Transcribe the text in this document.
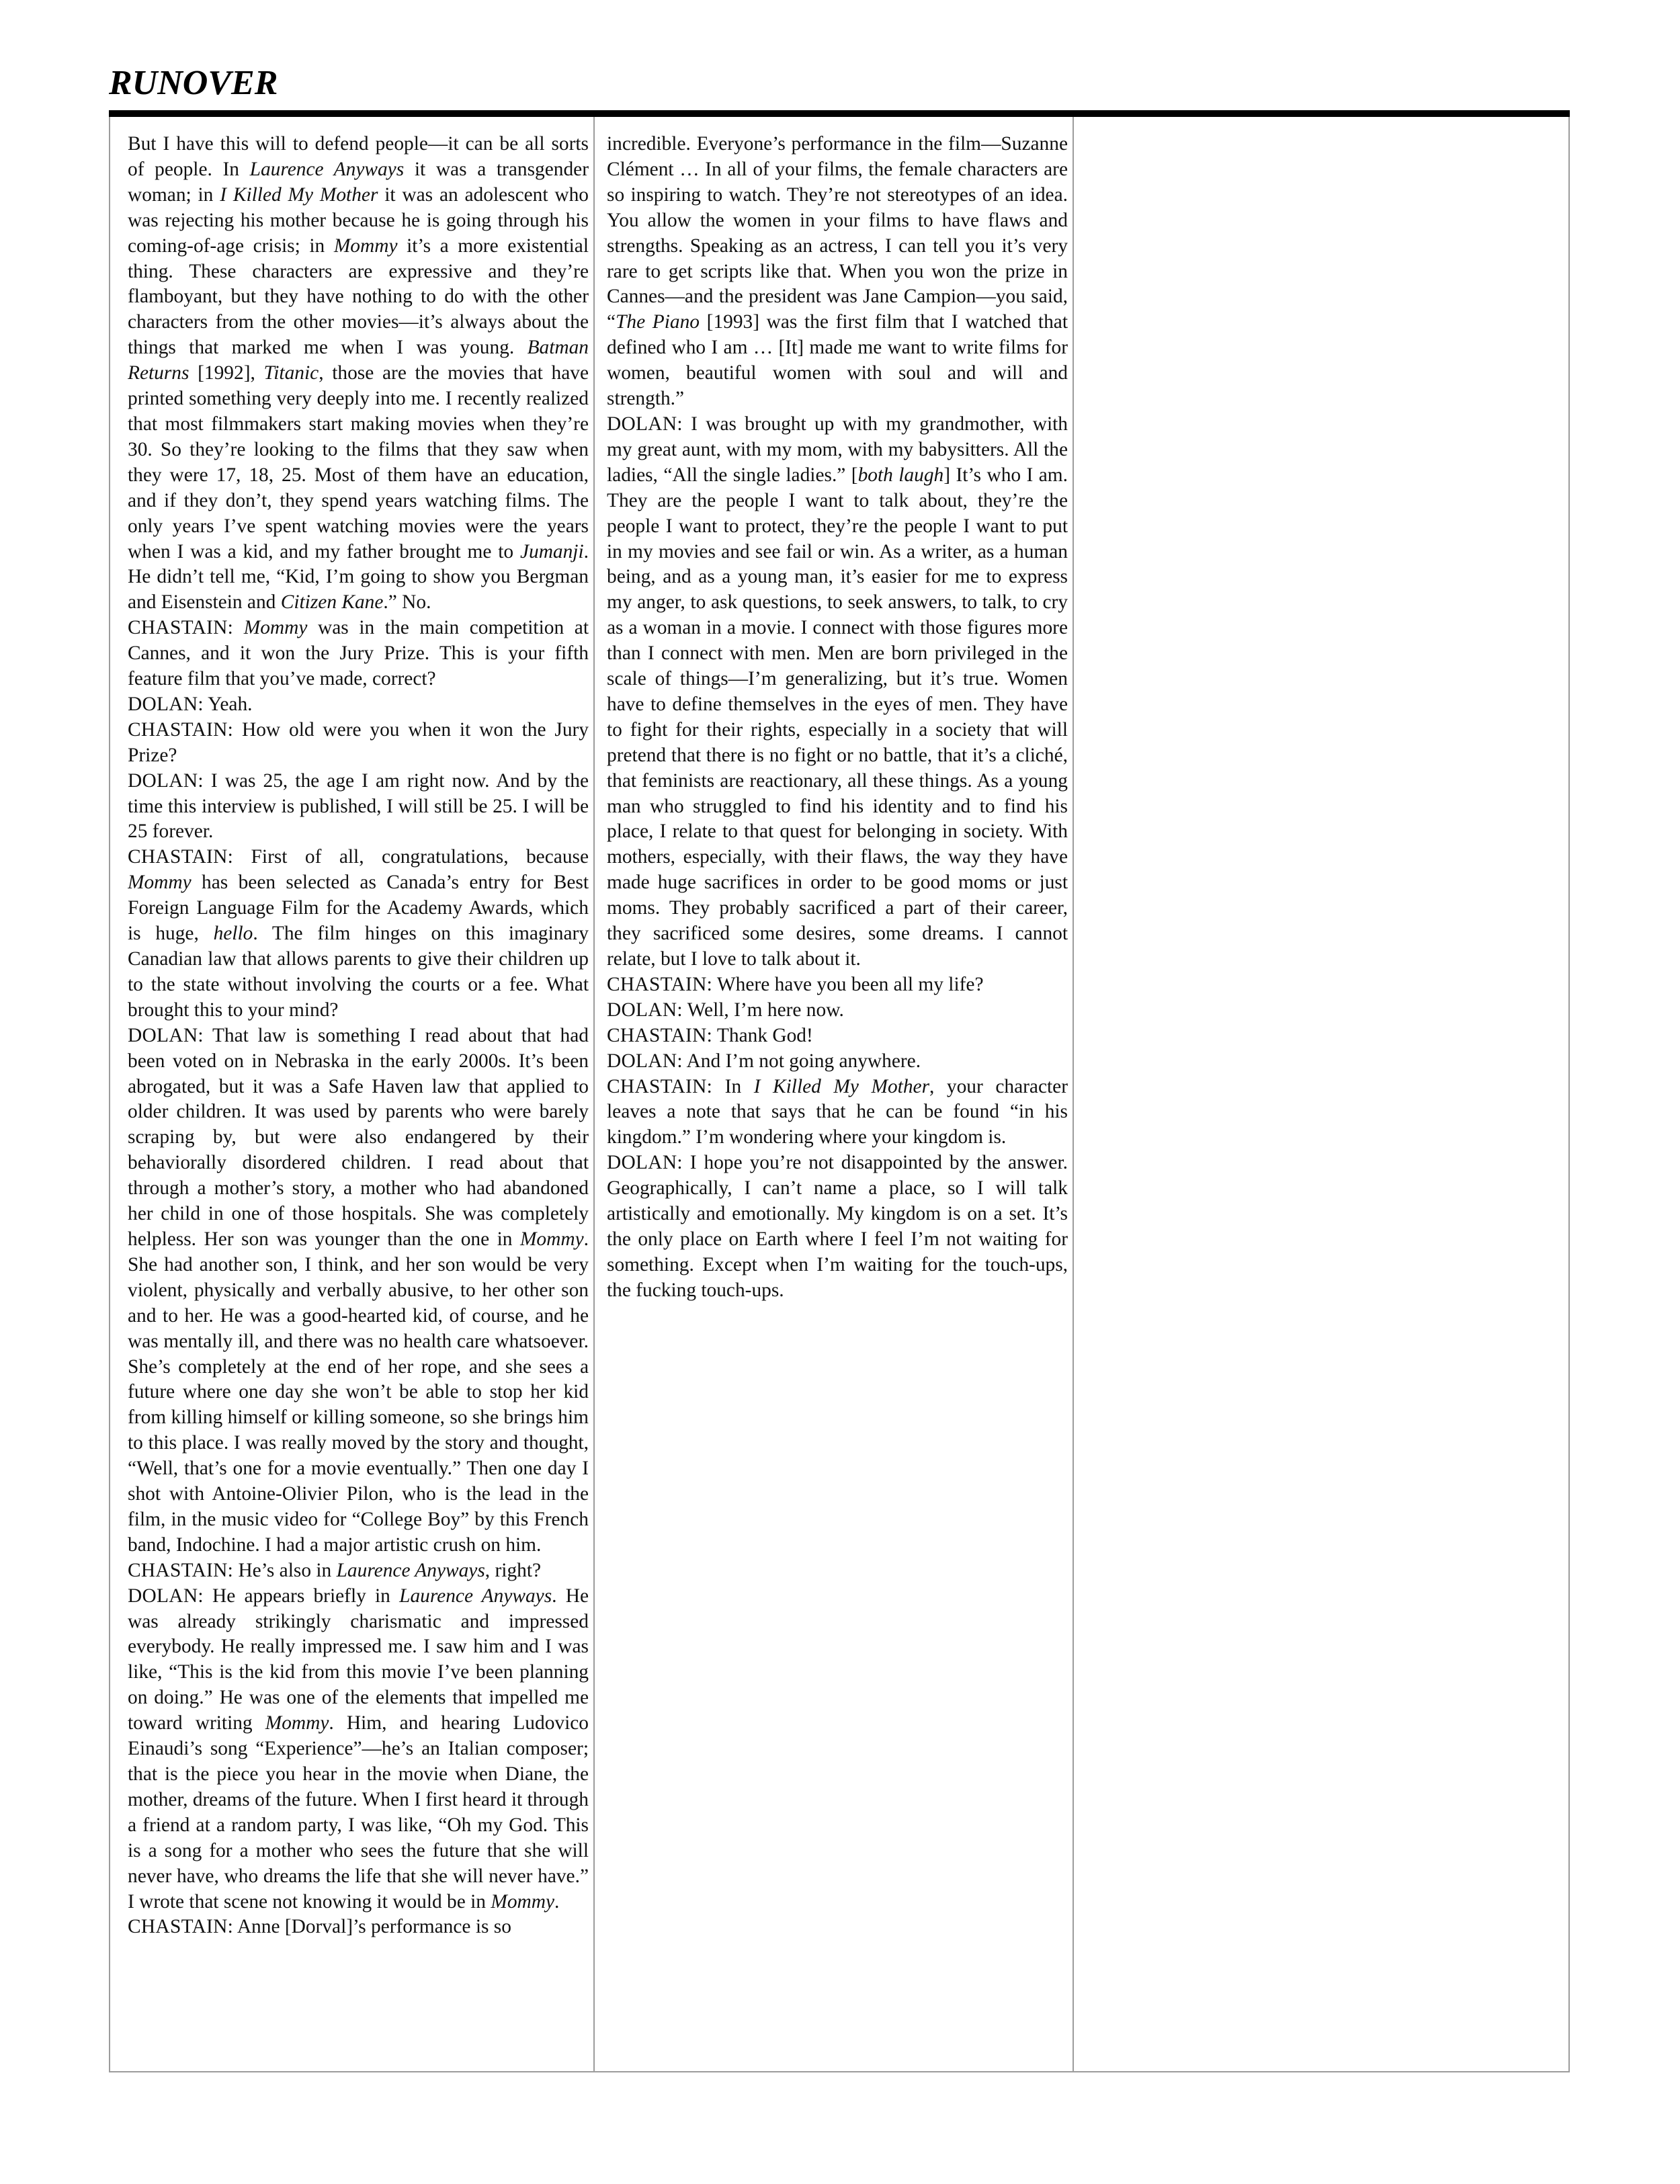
RUNOVER

But I have this will to defend people—it can be all sorts of people. In Laurence Anyways it was a transgender woman; in I Killed My Mother it was an adolescent who was rejecting his mother because he is going through his coming-of-age crisis; in Mommy it’s a more existential thing. These characters are expressive and they’re flamboyant, but they have nothing to do with the other characters from the other movies—it’s always about the things that marked me when I was young. Batman Returns [1992], Titanic, those are the movies that have printed something very deeply into me. I recently realized that most filmmakers start making movies when they’re 30. So they’re looking to the films that they saw when they were 17, 18, 25. Most of them have an education, and if they don’t, they spend years watching films. The only years I’ve spent watching movies were the years when I was a kid, and my father brought me to Jumanji. He didn’t tell me, “Kid, I’m going to show you Bergman and Eisenstein and Citizen Kane.” No.

CHASTAIN: Mommy was in the main competition at Cannes, and it won the Jury Prize. This is your fifth feature film that you’ve made, correct?

DOLAN: Yeah.

CHASTAIN: How old were you when it won the Jury Prize?

DOLAN: I was 25, the age I am right now. And by the time this interview is published, I will still be 25. I will be 25 forever.

CHASTAIN: First of all, congratulations, because Mommy has been selected as Canada’s entry for Best Foreign Language Film for the Academy Awards, which is huge, hello. The film hinges on this imaginary Canadian law that allows parents to give their children up to the state without involving the courts or a fee. What brought this to your mind?

DOLAN: That law is something I read about that had been voted on in Nebraska in the early 2000s. It’s been abrogated, but it was a Safe Haven law that applied to older children. It was used by parents who were barely scraping by, but were also endangered by their behaviorally disordered children. I read about that through a mother’s story, a mother who had abandoned her child in one of those hospitals. She was completely helpless. Her son was younger than the one in Mommy. She had another son, I think, and her son would be very violent, physically and verbally abusive, to her other son and to her. He was a good-hearted kid, of course, and he was mentally ill, and there was no health care whatsoever. She’s completely at the end of her rope, and she sees a future where one day she won’t be able to stop her kid from killing himself or killing someone, so she brings him to this place. I was really moved by the story and thought, “Well, that’s one for a movie eventually.” Then one day I shot with Antoine-Olivier Pilon, who is the lead in the film, in the music video for “College Boy” by this French band, Indochine. I had a major artistic crush on him.

CHASTAIN: He’s also in Laurence Anyways, right?

DOLAN: He appears briefly in Laurence Anyways. He was already strikingly charismatic and impressed everybody. He really impressed me. I saw him and I was like, “This is the kid from this movie I’ve been planning on doing.” He was one of the elements that impelled me toward writing Mommy. Him, and hearing Ludovico Einaudi’s song “Experience”—he’s an Italian composer; that is the piece you hear in the movie when Diane, the mother, dreams of the future. When I first heard it through a friend at a random party, I was like, “Oh my God. This is a song for a mother who sees the future that she will never have, who dreams the life that she will never have.” I wrote that scene not knowing it would be in Mommy.

CHASTAIN: Anne [Dorval]’s performance is so

incredible. Everyone’s performance in the film—Suzanne Clément … In all of your films, the female characters are so inspiring to watch. They’re not stereotypes of an idea. You allow the women in your films to have flaws and strengths. Speaking as an actress, I can tell you it’s very rare to get scripts like that. When you won the prize in Cannes—and the president was Jane Campion—you said, “The Piano [1993] was the first film that I watched that defined who I am … [It] made me want to write films for women, beautiful women with soul and will and strength.”

DOLAN: I was brought up with my grandmother, with my great aunt, with my mom, with my babysitters. All the ladies, “All the single ladies.” [both laugh] It’s who I am. They are the people I want to talk about, they’re the people I want to protect, they’re the people I want to put in my movies and see fail or win. As a writer, as a human being, and as a young man, it’s easier for me to express my anger, to ask questions, to seek answers, to talk, to cry as a woman in a movie. I connect with those figures more than I connect with men. Men are born privileged in the scale of things—I’m generalizing, but it’s true. Women have to define themselves in the eyes of men. They have to fight for their rights, especially in a society that will pretend that there is no fight or no battle, that it’s a cliché, that feminists are reactionary, all these things. As a young man who struggled to find his identity and to find his place, I relate to that quest for belonging in society. With mothers, especially, with their flaws, the way they have made huge sacrifices in order to be good moms or just moms. They probably sacrificed a part of their career, they sacrificed some desires, some dreams. I cannot relate, but I love to talk about it.

CHASTAIN: Where have you been all my life?

DOLAN: Well, I’m here now.

CHASTAIN: Thank God!

DOLAN: And I’m not going anywhere.

CHASTAIN: In I Killed My Mother, your character leaves a note that says that he can be found “in his kingdom.” I’m wondering where your kingdom is.

DOLAN: I hope you’re not disappointed by the answer. Geographically, I can’t name a place, so I will talk artistically and emotionally. My kingdom is on a set. It’s the only place on Earth where I feel I’m not waiting for something. Except when I’m waiting for the touch-ups, the fucking touch-ups.
